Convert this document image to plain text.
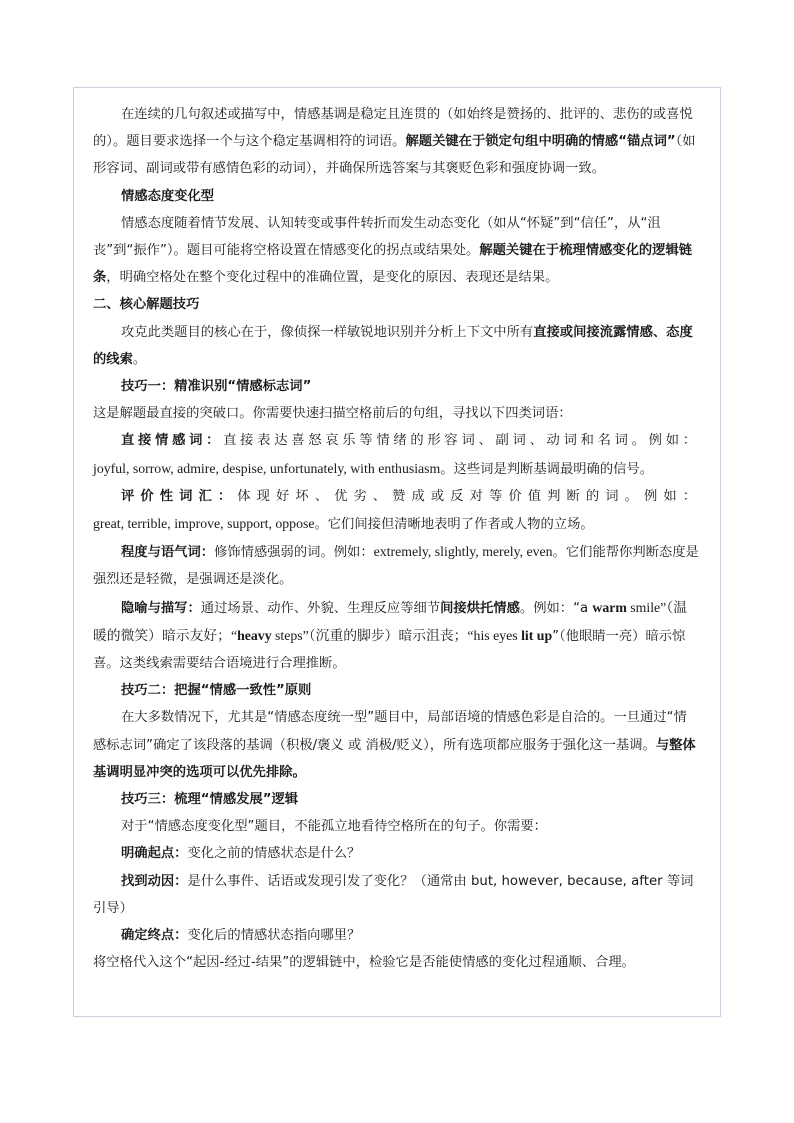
在连续的几句叙述或描写中，情感基调是稳定且连贯的（如始终是赞扬的、批评的、悲伤的或喜悦的）。题目要求选择一个与这个稳定基调相符的词语。解题关键在于锁定句组中明确的情感“锚点词”（如形容词、副词或带有感情色彩的动词），并确保所选答案与其褒贬色彩和强度协调一致。

情感态度变化型

情感态度随着情节发展、认知转变或事件转折而发生动态变化（如从“怀疑”到“信任”，从“沮丧”到“振作”）。题目可能将空格设置在情感变化的拐点或结果处。解题关键在于梳理情感变化的逻辑链条，明确空格处在整个变化过程中的准确位置，是变化的原因、表现还是结果。

二、核心解题技巧

攻克此类题目的核心在于，像侦探一样敏锐地识别并分析上下文中所有直接或间接流露情感、态度的线索。

技巧一：精准识别“情感标志词”

这是解题最直接的突破口。你需要快速扫描空格前后的句组，寻找以下四类词语：

直接情感词：直接表达喜怒哀乐等情绪的形容词、副词、动词和名词。例如：
joyful, sorrow, admire, despise, unfortunately, with enthusiasm。这些词是判断基调最明确的信号。

评价性词汇：体现好坏、优劣、赞成或反对等价值判断的词。例如：
great, terrible, improve, support, oppose。它们间接但清晰地表明了作者或人物的立场。

程度与语气词：修饰情感强弱的词。例如：extremely, slightly, merely, even。它们能帮你判断态度是强烈还是轻微，是强调还是淡化。

隐喻与描写：通过场景、动作、外貌、生理反应等细节间接烘托情感。例如：“a warm smile”（温暖的微笑）暗示友好；“heavy steps”（沉重的脚步）暗示沮丧；“his eyes lit up”（他眼睛一亮）暗示惊喜。这类线索需要结合语境进行合理推断。

技巧二：把握“情感一致性”原则

在大多数情况下，尤其是“情感态度统一型”题目中，局部语境的情感色彩是自洽的。一旦通过“情感标志词”确定了该段落的基调（积极/褒义 或 消极/贬义），所有选项都应服务于强化这一基调。与整体基调明显冲突的选项可以优先排除。

技巧三：梳理“情感发展”逻辑

对于“情感态度变化型”题目，不能孤立地看待空格所在的句子。你需要：

明确起点：变化之前的情感状态是什么？

找到动因：是什么事件、话语或发现引发了变化？（通常由 but, however, because, after 等词引导）

确定终点：变化后的情感状态指向哪里？

将空格代入这个“起因-经过-结果”的逻辑链中，检验它是否能使情感的变化过程通顺、合理。
